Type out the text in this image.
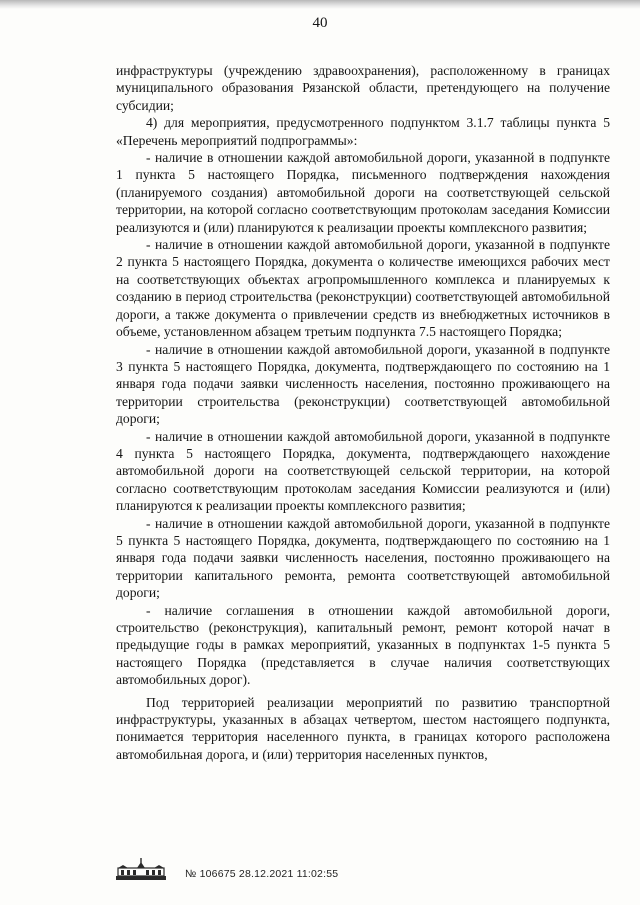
40

инфраструктуры (учреждению здравоохранения), расположенному в границах муниципального образования Рязанской области, претендующего на получение субсидии;

4) для мероприятия, предусмотренного подпунктом 3.1.7 таблицы пункта 5 «Перечень мероприятий подпрограммы»:

- наличие в отношении каждой автомобильной дороги, указанной в подпункте 1 пункта 5 настоящего Порядка, письменного подтверждения нахождения (планируемого создания) автомобильной дороги на соответствующей сельской территории, на которой согласно соответствующим протоколам заседания Комиссии реализуются и (или) планируются к реализации проекты комплексного развития;

- наличие в отношении каждой автомобильной дороги, указанной в подпункте 2 пункта 5 настоящего Порядка, документа о количестве имеющихся рабочих мест на соответствующих объектах агропромышленного комплекса и планируемых к созданию в период строительства (реконструкции) соответствующей автомобильной дороги, а также документа о привлечении средств из внебюджетных источников в объеме, установленном абзацем третьим подпункта 7.5 настоящего Порядка;

- наличие в отношении каждой автомобильной дороги, указанной в подпункте 3 пункта 5 настоящего Порядка, документа, подтверждающего по состоянию на 1 января года подачи заявки численность населения, постоянно проживающего на территории строительства (реконструкции) соответствующей автомобильной дороги;

- наличие в отношении каждой автомобильной дороги, указанной в подпункте 4 пункта 5 настоящего Порядка, документа, подтверждающего нахождение автомобильной дороги на соответствующей сельской территории, на которой согласно соответствующим протоколам заседания Комиссии реализуются и (или) планируются к реализации проекты комплексного развития;

- наличие в отношении каждой автомобильной дороги, указанной в подпункте 5 пункта 5 настоящего Порядка, документа, подтверждающего по состоянию на 1 января года подачи заявки численность населения, постоянно проживающего на территории капитального ремонта, ремонта соответствующей автомобильной дороги;

- наличие соглашения в отношении каждой автомобильной дороги, строительство (реконструкция), капитальный ремонт, ремонт которой начат в предыдущие годы в рамках мероприятий, указанных в подпунктах 1-5 пункта 5 настоящего Порядка (представляется в случае наличия соответствующих автомобильных дорог).

Под территорией реализации мероприятий по развитию транспортной инфраструктуры, указанных в абзацах четвертом, шестом настоящего подпункта, понимается территория населенного пункта, в границах которого расположена автомобильная дорога, и (или) территория населенных пунктов,

№ 106675 28.12.2021 11:02:55
